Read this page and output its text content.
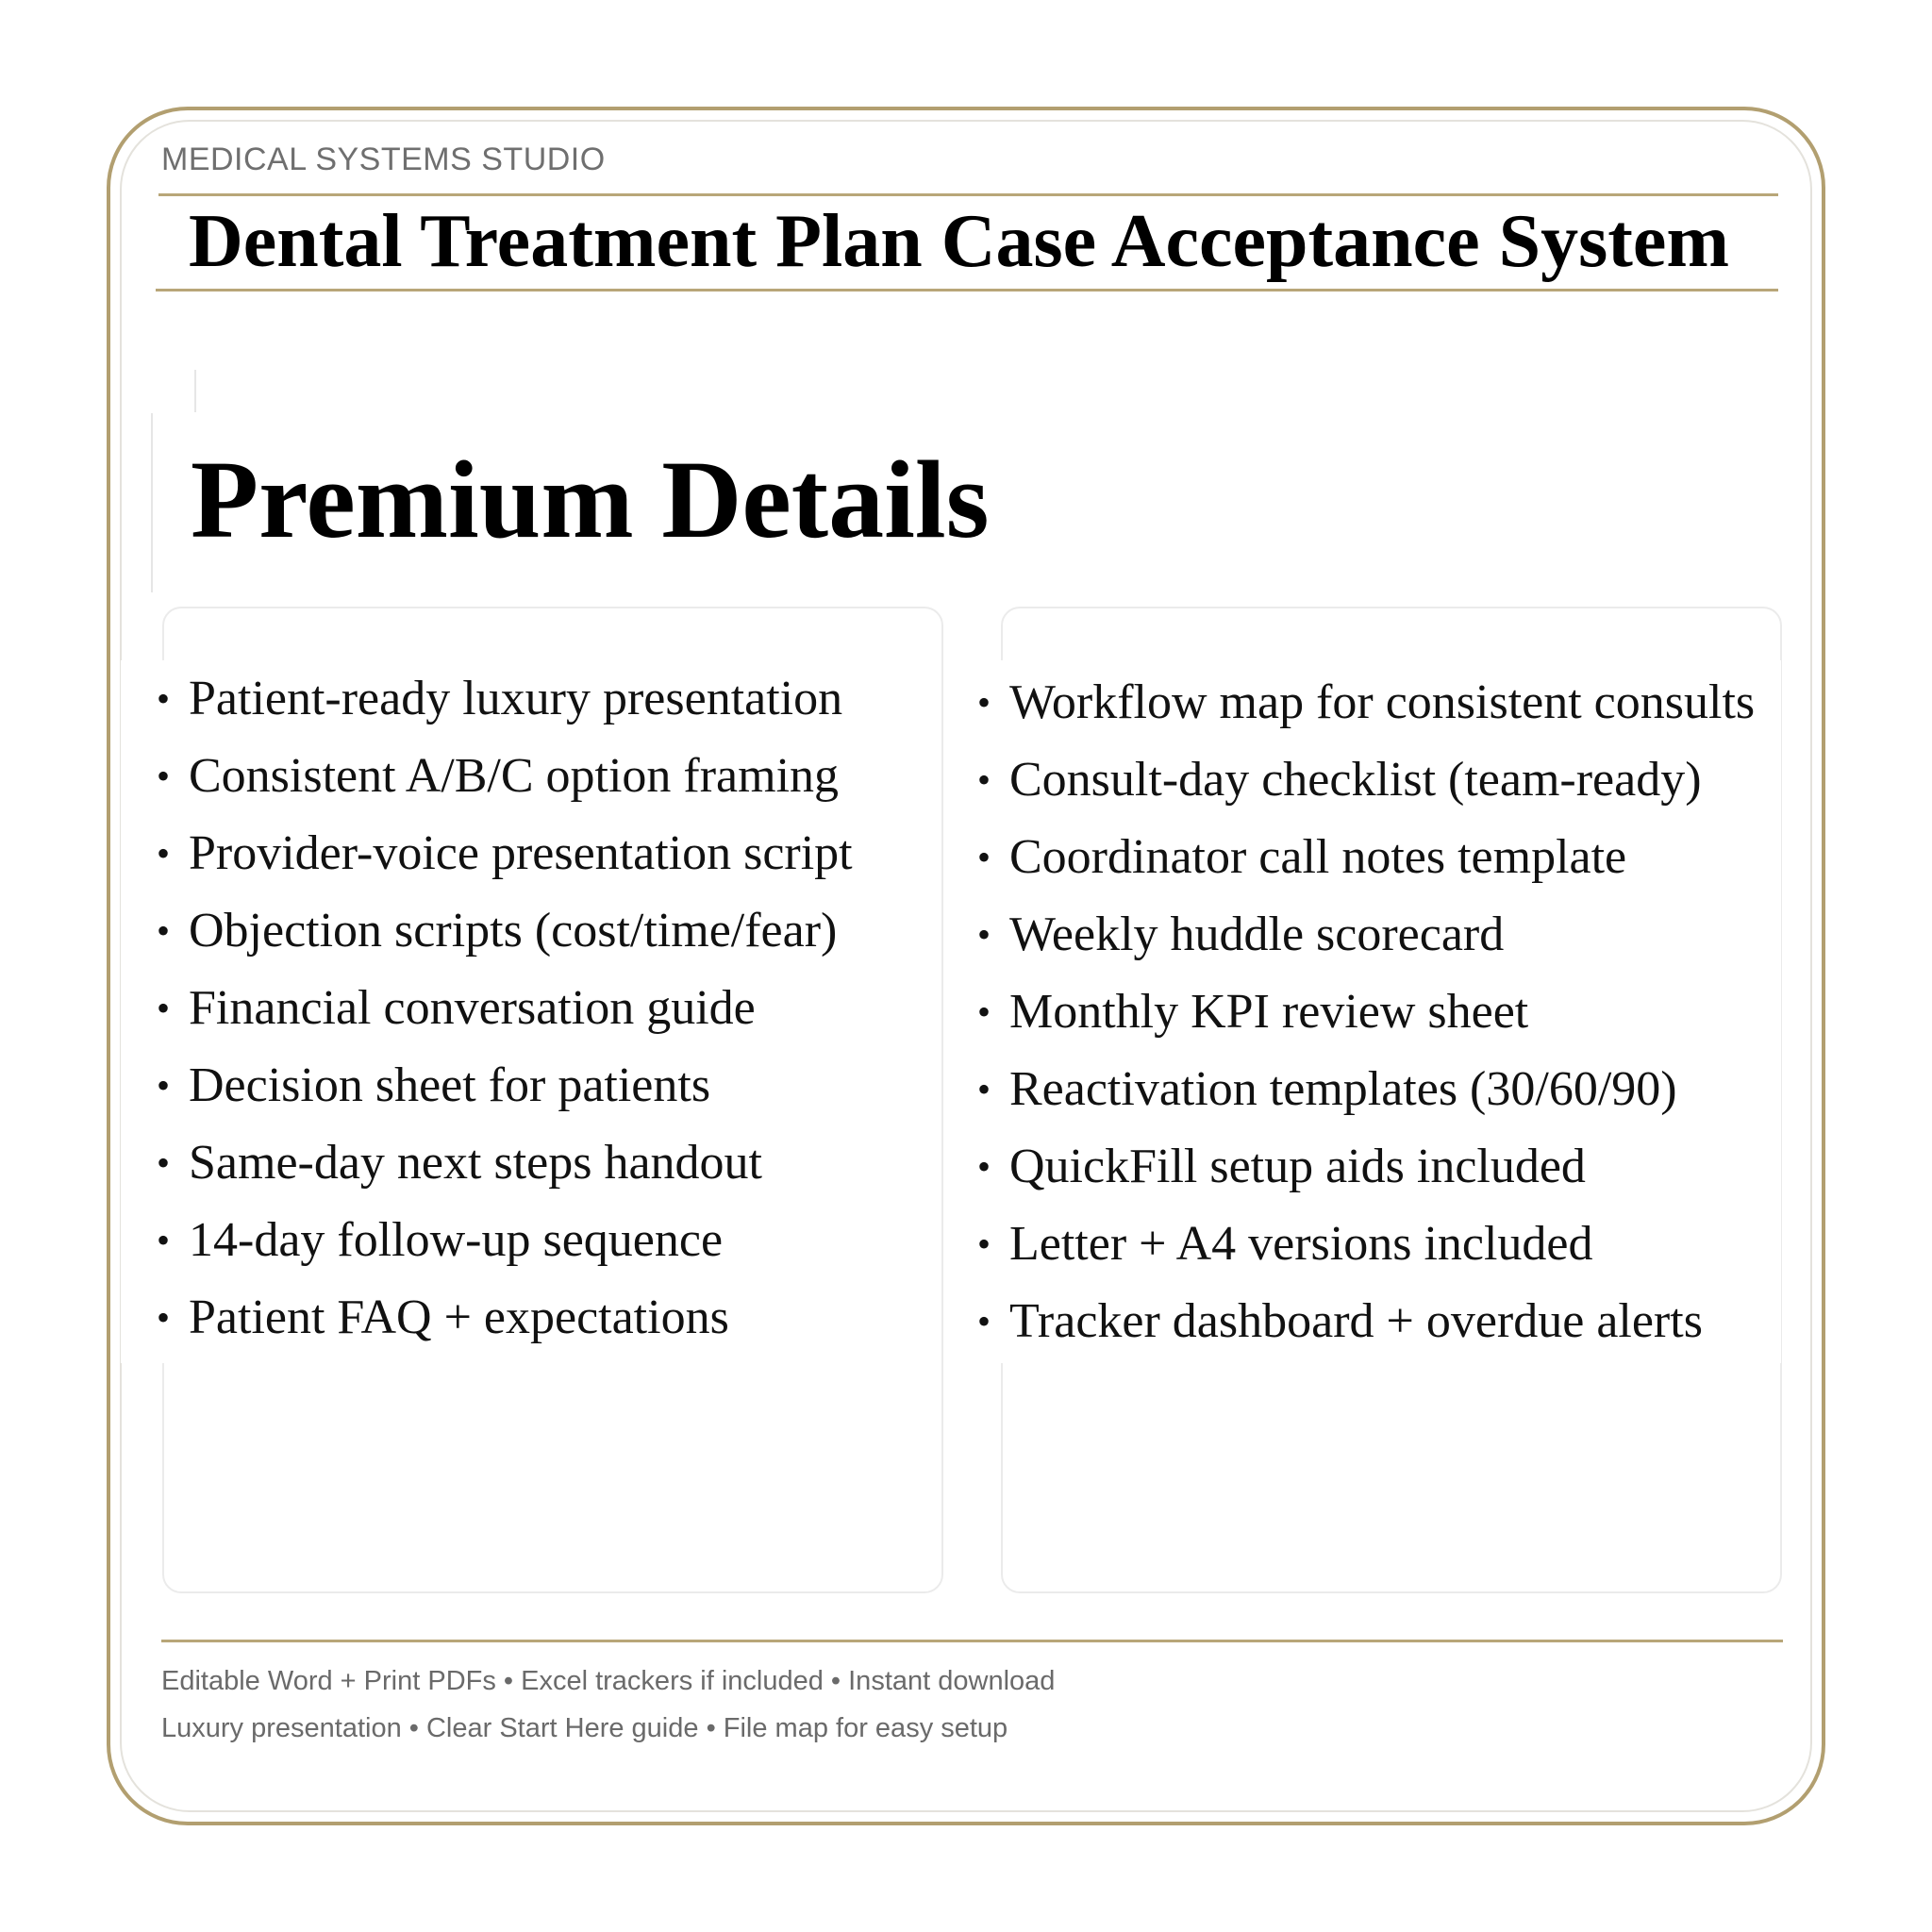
MEDICAL SYSTEMS STUDIO
Dental Treatment Plan Case Acceptance System
Premium Details
• Patient-ready luxury presentation
• Consistent A/B/C option framing
• Provider-voice presentation script
• Objection scripts (cost/time/fear)
• Financial conversation guide
• Decision sheet for patients
• Same-day next steps handout
• 14-day follow-up sequence
• Patient FAQ + expectations
• Workflow map for consistent consults
• Consult-day checklist (team-ready)
• Coordinator call notes template
• Weekly huddle scorecard
• Monthly KPI review sheet
• Reactivation templates (30/60/90)
• QuickFill setup aids included
• Letter + A4 versions included
• Tracker dashboard + overdue alerts
Editable Word + Print PDFs • Excel trackers if included • Instant download
Luxury presentation • Clear Start Here guide • File map for easy setup
